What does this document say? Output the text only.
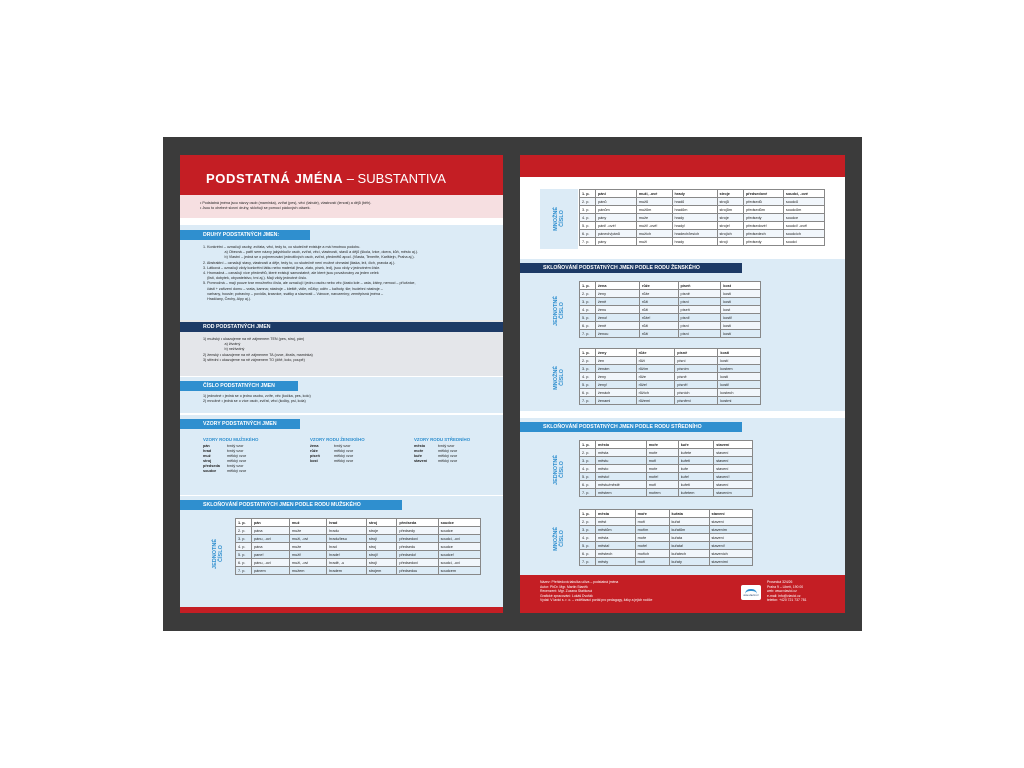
PODSTATNÁ JMÉNA – SUBSTANTIVA
• Podstatná jména jsou názvy osob (maminka), zvířat (pes), věcí (tabule), vlastností (lenost) a dějů (běh).
• Jsou to ohebné slovní druhy, skloňují se pomocí pádových otázek.
DRUHY PODSTATNÝCH JMEN:
1. Konkrétní – označují osoby, zvířata, věci, tedy to, co skutečně existuje a má hmotnou podobu.
a) Obecná – patří sem názvy jakýchkoliv osob, zvířat, věcí, vlastností, stavů a dějů (škola, lvice, dcera, kůň, město aj.).
b) Vlastní – jedná se o pojmenování jednotlivých osob, zvířat, předmětů apod. (Vlasta, Tenerife, Karlštejn, Praha aj.).
2. Abstraktní – označují stavy, vlastnosti a děje, tedy to, co skutečně není možné ohmatat (láska, lež, čich, pravda aj.).
3. Látková – označují vždy konkrétní látku nebo materiál (trva, zlato, písek, led), jsou vždy v jednotném čísle.
4. Hromadná – označují více předmětů, které existují samostatně, ale které jsou považovány za jeden celek
(listí, dobytek, obyvatelstvo, tmí aj.). Mají vždy jednotné číslo.
5. Pomnožná – mají pouze tvar množného čísla, ale označují i jednu osobu nebo věc (často kde – usta, žábry, nemoci – příušnice,
části + zařízení domu – vrata, kamna; nástroje – kleště, vidle, nůžky; oděv – kalhoty, šle; hudební nástroje –
varhany, housle; potraviny – povidla, krasnice, svátky a slavnosti – Vánoce, narozeniny; zeměpisná jména –
Hradčany, Čechy, Alpy aj.).
ROD PODSTATNÝCH JMEN
1) mužský • ukazujeme na ně zájmenem TEN (pes, stroj, pán)
a) životný
b) neživotný
2) ženský • ukazujeme na ně zájmenem TA (ovce, žirafa, maminka)
3) střední • ukazujeme na ně zájmenem TO (dítě, kolo, poupě)
ČÍSLO PODSTATNÝCH JMEN
1) jednotné • jedná se o jednu osobu, zvíře, věc (kočka, pes, kolo)
2) množné • jedná se o více osob, zvířat, věcí (kočky, psi, kola)
VZORY PODSTATNÝCH JMEN
VZORY RODU MUŽSKÉHO
pán	tvrdý vzor
hrad	tvrdý vzor
muž	měkký vzor
stroj	měkký vzor
předseda tvrdý vzor
soudce	měkký vzor
VZORY RODU ŽENSKÉHO
žena	tvrdý vzor
růže	měkký vzor
píseň	měkký vzor
kost	měkký vzor
VZORY RODU STŘEDNÍHO
město	tvrdý vzor
moře	měkký vzor
kuře	měkký vzor
stavení	měkký vzor
SKLOŇOVÁNÍ PODSTATNÝCH JMEN PODLE RODU MUŽSKÉHO
JEDNOTNÉ
ČÍSLO
1. p.	pán	muž	hrad	stroj	předseda	soudce
2. p.	pána	muže	hradu	stroje	předsedy	soudce
3. p.	pánu, -ovi	muži, -ovi	hradu/lesu	stroji	předsedovi	soudci, -ovi
4. p.	pána	muže	hrad	stroj	předsedu	soudce
5. p.	pane!	muži!	hrade!	stroji!	předsedo!	soudce!
6. p.	pánu, -ovi	muži, -ovi	hradě, -u	stroji	předsedovi	soudci, -ovi
7. p.	pánem	mužem	hradem	strojem	předsedou	soudcem
MNOŽNÉ
ČÍSLO
1. p.	páni	muži, -ové	hrady	stroje	předsedové	soudci, -ové
2. p.	pánů	mužů	hradů	strojů	předsedů	soudců
3. p.	pánům	mužům	hradům	strojům	předsedům	soudcům
4. p.	pány	muže	hrady	stroje	předsedy	soudce
5. p.	páni! -ové!	muži! -ové!	hrady!	stroje!	předsedové!	soudci! -ové!
6. p.	pánech/pánů	mužích	hradech/lesích	strojích	předsedech	soudcích
7. p.	pány	muži	hrady	stroji	předsedy	soudci
SKLOŇOVÁNÍ PODSTATNÝCH JMEN PODLE RODU ŽENSKÉHO
JEDNOTNÉ
ČÍSLO
1. p.	žena	růže	píseň	kost
2. p.	ženy	růže	písně	kosti
3. p.	ženě	růži	písni	kosti
4. p.	ženu	růži	píseň	kost
5. p.	ženo!	růže!	písni!	kosti!
6. p.	ženě	růži	písni	kosti
7. p.	ženou	růží	písní	kostí
MNOŽNÉ
ČÍSLO
1. p.	ženy	růže	písně	kosti
2. p.	žen	růží	písní	kostí
3. p.	ženám	růžím	písním	kostem
4. p.	ženy	růže	písně	kosti
5. p.	ženy!	růže!	písně!	kosti!
6. p.	ženách	růžích	písních	kostech
7. p.	ženami	růžemi	písněmi	kostmi
SKLOŇOVÁNÍ PODSTATNÝCH JMEN PODLE RODU STŘEDNÍHO
JEDNOTNÉ
ČÍSLO
1. p.	město	moře	kuře	stavení
2. p.	města	moře	kuřete	stavení
3. p.	městu	moři	kuřeti	stavení
4. p.	město	moře	kuře	stavení
5. p.	město!	moře!	kuře!	stavení!
6. p.	městu/městě	moři	kuřeti	stavení
7. p.	městem	mořem	kuřetem	stavením
MNOŽNÉ
ČÍSLO
1. p.	města	moře	kuřata	stavení
2. p.	měst	moří	kuřat	stavení
3. p.	městům	mořím	kuřatům	stavením
4. p.	města	moře	kuřata	stavení
5. p.	města!	moře!	kuřata!	stavení!
6. p.	městech	mořích	kuřatech	staveních
7. p.	městy	moři	kuřaty	staveními
Název: Přehledová tabulka učiva – podstatná jména
Autor: PhDr. Mgr. Martin Staněk
Recenzent: Mgr. Zuzana Staňková
Grafické zpracování: Lukáš Dvořák
Vydal: V lavici s. r. o. – vzdělávací portál pro pedagogy, žáky a jejich rodiče
www.vlavici.cz
Prosecká 324/26
Praha 9 – Libeň, 190 00
web: www.vlavici.cz
e-mail: info@vlavici.cz
telefon: +420 721 737 781
